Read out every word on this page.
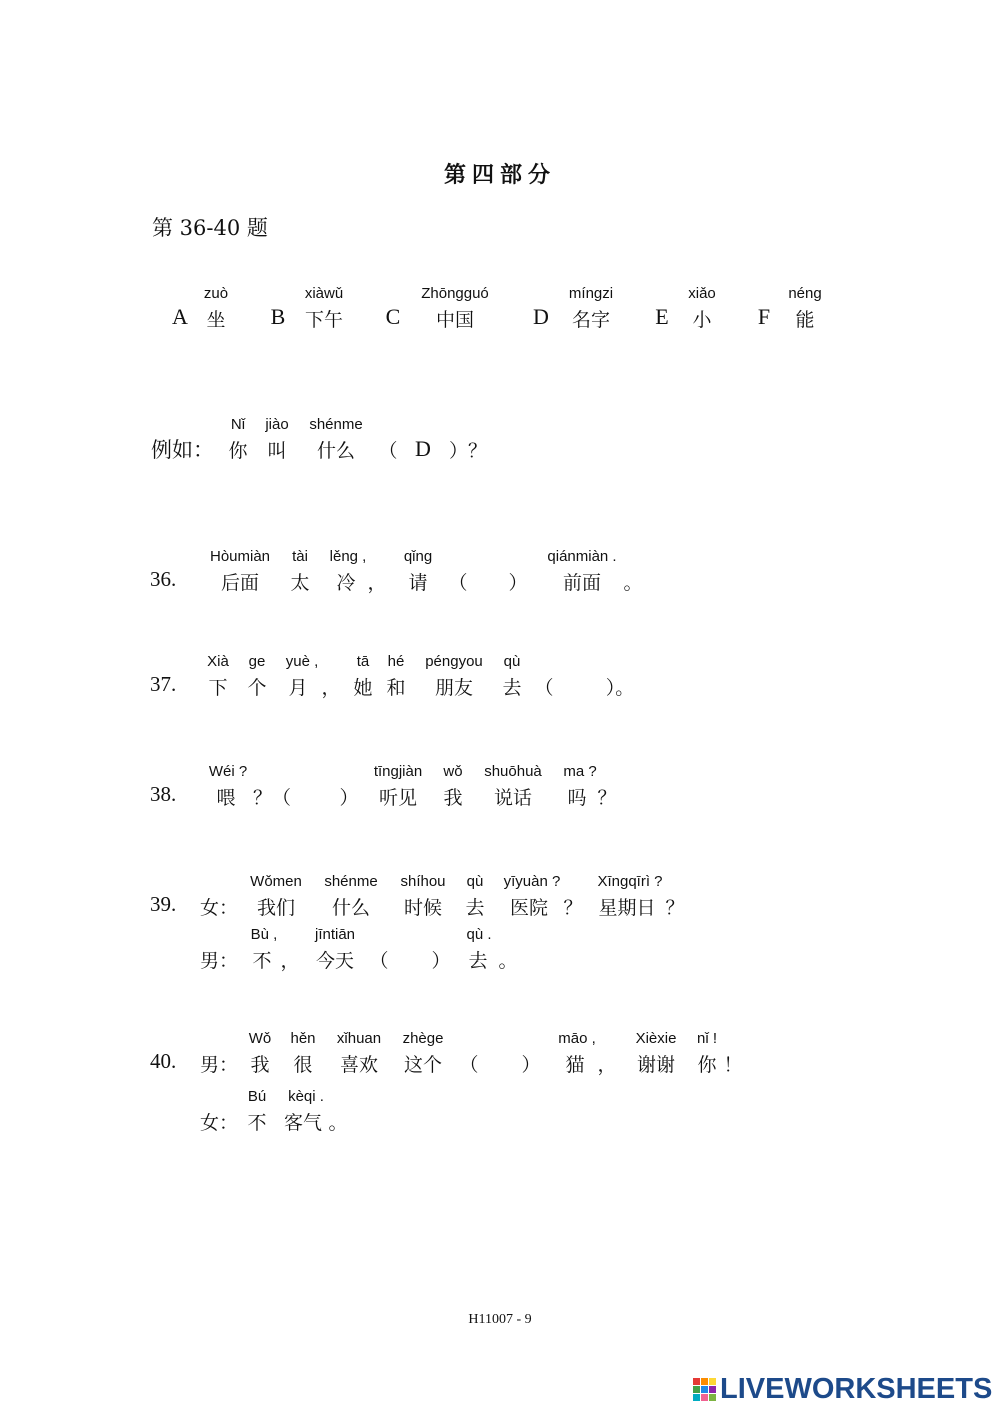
第四部分
第 36-40 题
A
zuò
坐 B
xiàwǔ
下午 C
Zhōngguó
中国	D
míngzi
名字 E
xiǎo
小 F
néng
能
例如：
Nǐ jiào shénme
你 叫 什么 （ D ）？
36.
Hòumiàn tài lěng , qǐng	qiánmiàn .
后面 太 冷 ， 请 （ ） 前面 。
37.
Xià ge yuè ,	tā hé péngyou qù
下 个 月 ， 她 和 朋友 去 （	）。
38.
Wéi ?	tīngjiàn wǒ shuōhuà ma ?
喂 ？（	） 听见 我 说话 吗 ？
39. 女：
Wǒmen shénme shíhou qù yīyuàn ? Xīngqīrì ?
我们 什么 时候 去 医院 ？ 星期日 ？
男：
Bù ,	jīntiān	qù .
不 ， 今天 （ ） 去 。
40. 男：
Wǒ hěn xǐhuan zhège	māo ,	Xièxie nǐ !
我 很 喜欢 这个 （ ） 猫 ， 谢谢 你 ！
女：
Bú kèqi .
不 客气 。
H11007 - 9
LIVEWORKSHEETS
